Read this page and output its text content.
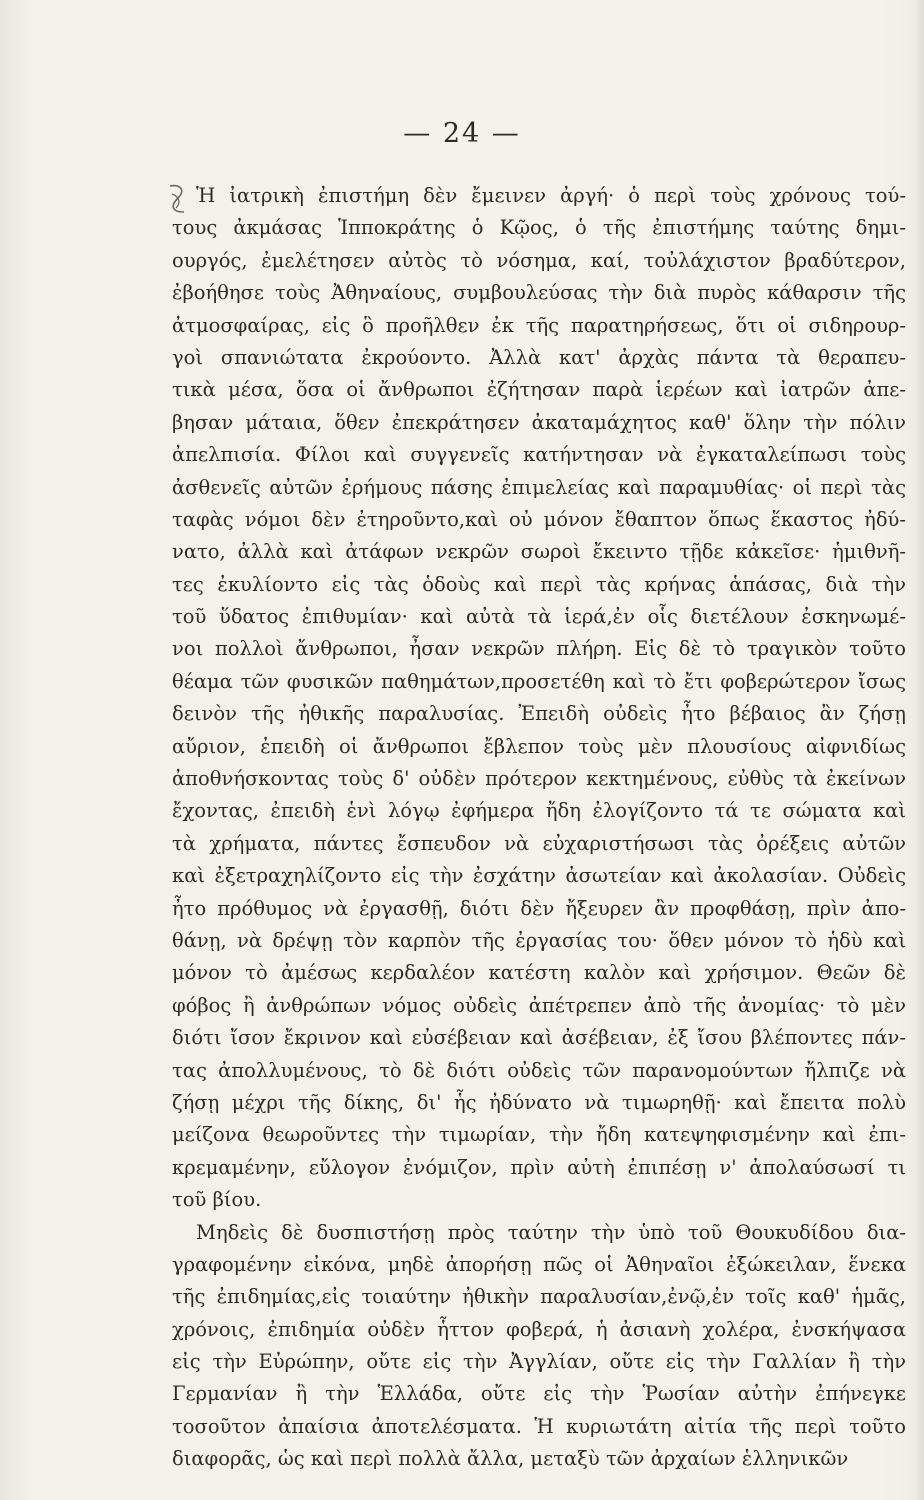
— 24 —
Ἡ ἰατρικὴ ἐπιστήμη δὲν ἔμεινεν ἀργή· ὁ περὶ τοὺς χρόνους τού-
τους ἀκμάσας Ἱπποκράτης ὁ Κῷος, ὁ τῆς ἐπιστήμης ταύτης δημι-
ουργός, ἐμελέτησεν αὐτὸς τὸ νόσημα, καί, τοὐλάχιστον βραδύτερον,
ἐβοήθησε τοὺς Ἀθηναίους, συμβουλεύσας τὴν διὰ πυρὸς κάθαρσιν τῆς
ἀτμοσφαίρας, εἰς ὃ προῆλθεν ἐκ τῆς παρατηρήσεως, ὅτι οἱ σιδηρουρ-
γοὶ σπανιώτατα ἐκρούοντο. Ἀλλὰ κατ' ἀρχὰς πάντα τὰ θεραπευ-
τικὰ μέσα, ὅσα οἱ ἄνθρωποι ἐζήτησαν παρὰ ἱερέων καὶ ἰατρῶν ἀπε-
βησαν μάταια, ὅθεν ἐπεκράτησεν ἀκαταμάχητος καθ' ὅλην τὴν πόλιν
ἀπελπισία. Φίλοι καὶ συγγενεῖς κατήντησαν νὰ ἐγκαταλείπωσι τοὺς
ἀσθενεῖς αὐτῶν ἐρήμους πάσης ἐπιμελείας καὶ παραμυθίας· οἱ περὶ τὰς
ταφὰς νόμοι δὲν ἐτηροῦντο,καὶ οὐ μόνον ἔθαπτον ὅπως ἕκαστος ἠδύ-
νατο, ἀλλὰ καὶ ἀτάφων νεκρῶν σωροὶ ἔκειντο τῇδε κἀκεῖσε· ἡμιθνῆ-
τες ἐκυλίοντο εἰς τὰς ὁδοὺς καὶ περὶ τὰς κρήνας ἁπάσας, διὰ τὴν
τοῦ ὕδατος ἐπιθυμίαν· καὶ αὐτὰ τὰ ἱερά,ἐν οἷς διετέλουν ἐσκηνωμέ-
νοι πολλοὶ ἄνθρωποι, ἦσαν νεκρῶν πλήρη. Εἰς δὲ τὸ τραγικὸν τοῦτο
θέαμα τῶν φυσικῶν παθημάτων,προσετέθη καὶ τὸ ἔτι φοβερώτερον ἴσως
δεινὸν τῆς ἠθικῆς παραλυσίας. Ἐπειδὴ οὐδεὶς ἦτο βέβαιος ἂν ζήσῃ
αὔριον, ἐπειδὴ οἱ ἄνθρωποι ἔβλεπον τοὺς μὲν πλουσίους αἰφνιδίως
ἀποθνήσκοντας τοὺς δ' οὐδὲν πρότερον κεκτημένους, εὐθὺς τὰ ἐκείνων
ἔχοντας, ἐπειδὴ ἑνὶ λόγῳ ἐφήμερα ἤδη ἐλογίζοντο τά τε σώματα καὶ
τὰ χρήματα, πάντες ἔσπευδον νὰ εὐχαριστήσωσι τὰς ὀρέξεις αὐτῶν
καὶ ἐξετραχηλίζοντο εἰς τὴν ἐσχάτην ἀσωτείαν καὶ ἀκολασίαν. Οὐδεὶς
ἦτο πρόθυμος νὰ ἐργασθῇ, διότι δὲν ἤξευρεν ἂν προφθάσῃ, πρὶν ἀπο-
θάνῃ, νὰ δρέψῃ τὸν καρπὸν τῆς ἐργασίας του· ὅθεν μόνον τὸ ἡδὺ καὶ
μόνον τὸ ἀμέσως κερδαλέον κατέστη καλὸν καὶ χρήσιμον. Θεῶν δὲ
φόβος ἢ ἀνθρώπων νόμος οὐδεὶς ἀπέτρεπεν ἀπὸ τῆς ἀνομίας· τὸ μὲν
διότι ἴσον ἔκρινον καὶ εὐσέβειαν καὶ ἀσέβειαν, ἐξ ἴσου βλέποντες πάν-
τας ἀπολλυμένους, τὸ δὲ διότι οὐδεὶς τῶν παρανομούντων ἤλπιζε νὰ
ζήσῃ μέχρι τῆς δίκης, δι' ἧς ἠδύνατο νὰ τιμωρηθῇ· καὶ ἔπειτα πολὺ
μείζονα θεωροῦντες τὴν τιμωρίαν, τὴν ἤδη κατεψηφισμένην καὶ ἐπι-
κρεμαμένην, εὔλογον ἐνόμιζον, πρὶν αὐτὴ ἐπιπέσῃ ν' ἀπολαύσωσί τι
τοῦ βίου.
Μηδεὶς δὲ δυσπιστήσῃ πρὸς ταύτην τὴν ὑπὸ τοῦ Θουκυδίδου δια-
γραφομένην εἰκόνα, μηδὲ ἀπορήσῃ πῶς οἱ Ἀθηναῖοι ἐξώκειλαν, ἕνεκα
τῆς ἐπιδημίας,εἰς τοιαύτην ἠθικὴν παραλυσίαν,ἐνῷ,ἐν τοῖς καθ' ἡμᾶς,
χρόνοις, ἐπιδημία οὐδὲν ἧττον φοβερά, ἡ ἀσιανὴ χολέρα, ἐνσκήψασα
εἰς τὴν Εὐρώπην, οὔτε εἰς τὴν Ἀγγλίαν, οὔτε εἰς τὴν Γαλλίαν ἢ τὴν
Γερμανίαν ἢ τὴν Ἑλλάδα, οὔτε εἰς τὴν Ῥωσίαν αὐτὴν ἐπήνεγκε
τοσοῦτον ἀπαίσια ἀποτελέσματα. Ἡ κυριωτάτη αἰτία τῆς περὶ τοῦτο
διαφορᾶς, ὡς καὶ περὶ πολλὰ ἄλλα, μεταξὺ τῶν ἀρχαίων ἑλληνικῶν
